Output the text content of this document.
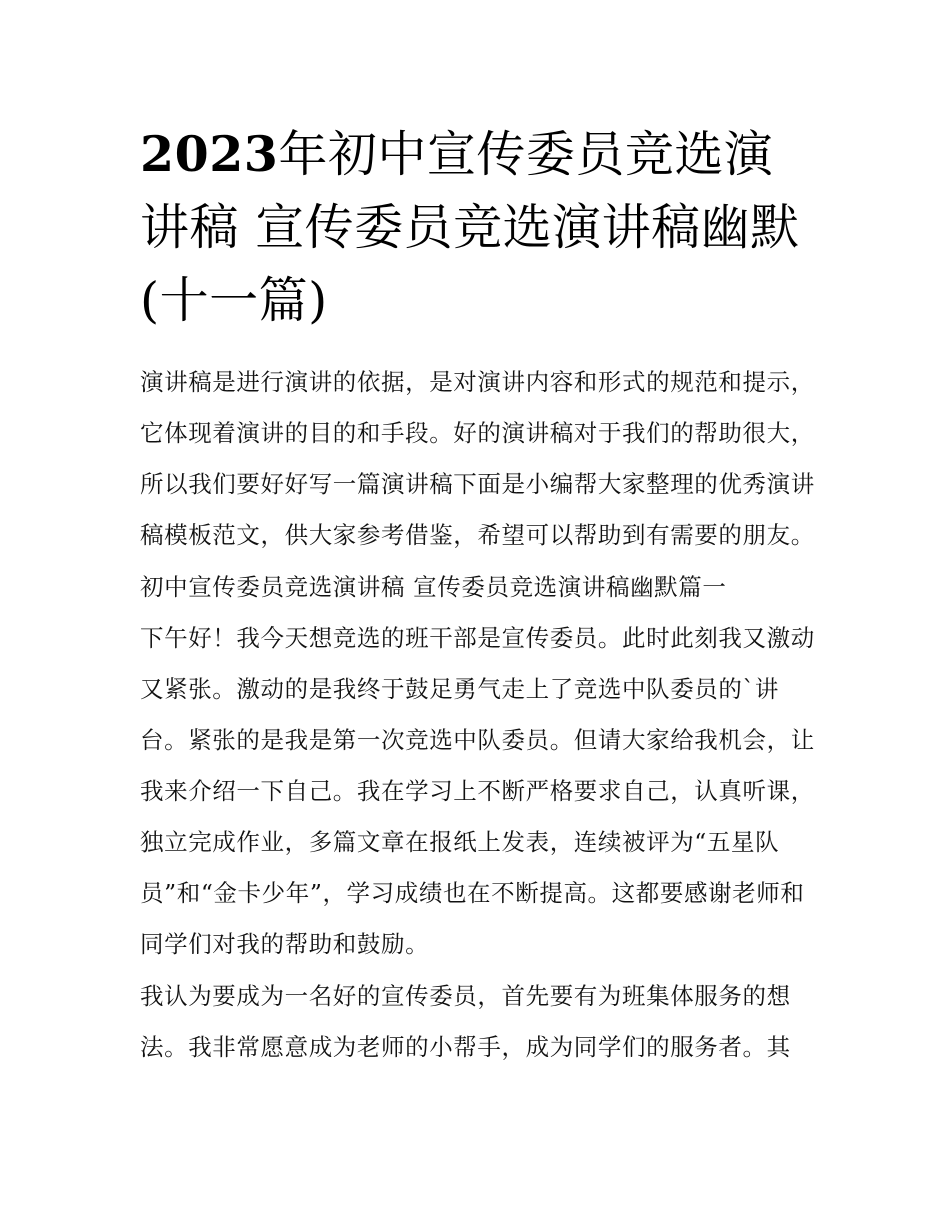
2023年初中宣传委员竞选演讲稿 宣传委员竞选演讲稿幽默(十一篇)

演讲稿是进行演讲的依据，是对演讲内容和形式的规范和提示，它体现着演讲的目的和手段。好的演讲稿对于我们的帮助很大，所以我们要好好写一篇演讲稿下面是小编帮大家整理的优秀演讲稿模板范文，供大家参考借鉴，希望可以帮助到有需要的朋友。

初中宣传委员竞选演讲稿 宣传委员竞选演讲稿幽默篇一

下午好！我今天想竞选的班干部是宣传委员。此时此刻我又激动又紧张。激动的是我终于鼓足勇气走上了竞选中队委员的`讲台。紧张的是我是第一次竞选中队委员。但请大家给我机会，让我来介绍一下自己。我在学习上不断严格要求自己，认真听课，独立完成作业，多篇文章在报纸上发表，连续被评为“五星队员”和“金卡少年”，学习成绩也在不断提高。这都要感谢老师和同学们对我的帮助和鼓励。

我认为要成为一名好的宣传委员，首先要有为班集体服务的想法。我非常愿意成为老师的小帮手，成为同学们的服务者。其
